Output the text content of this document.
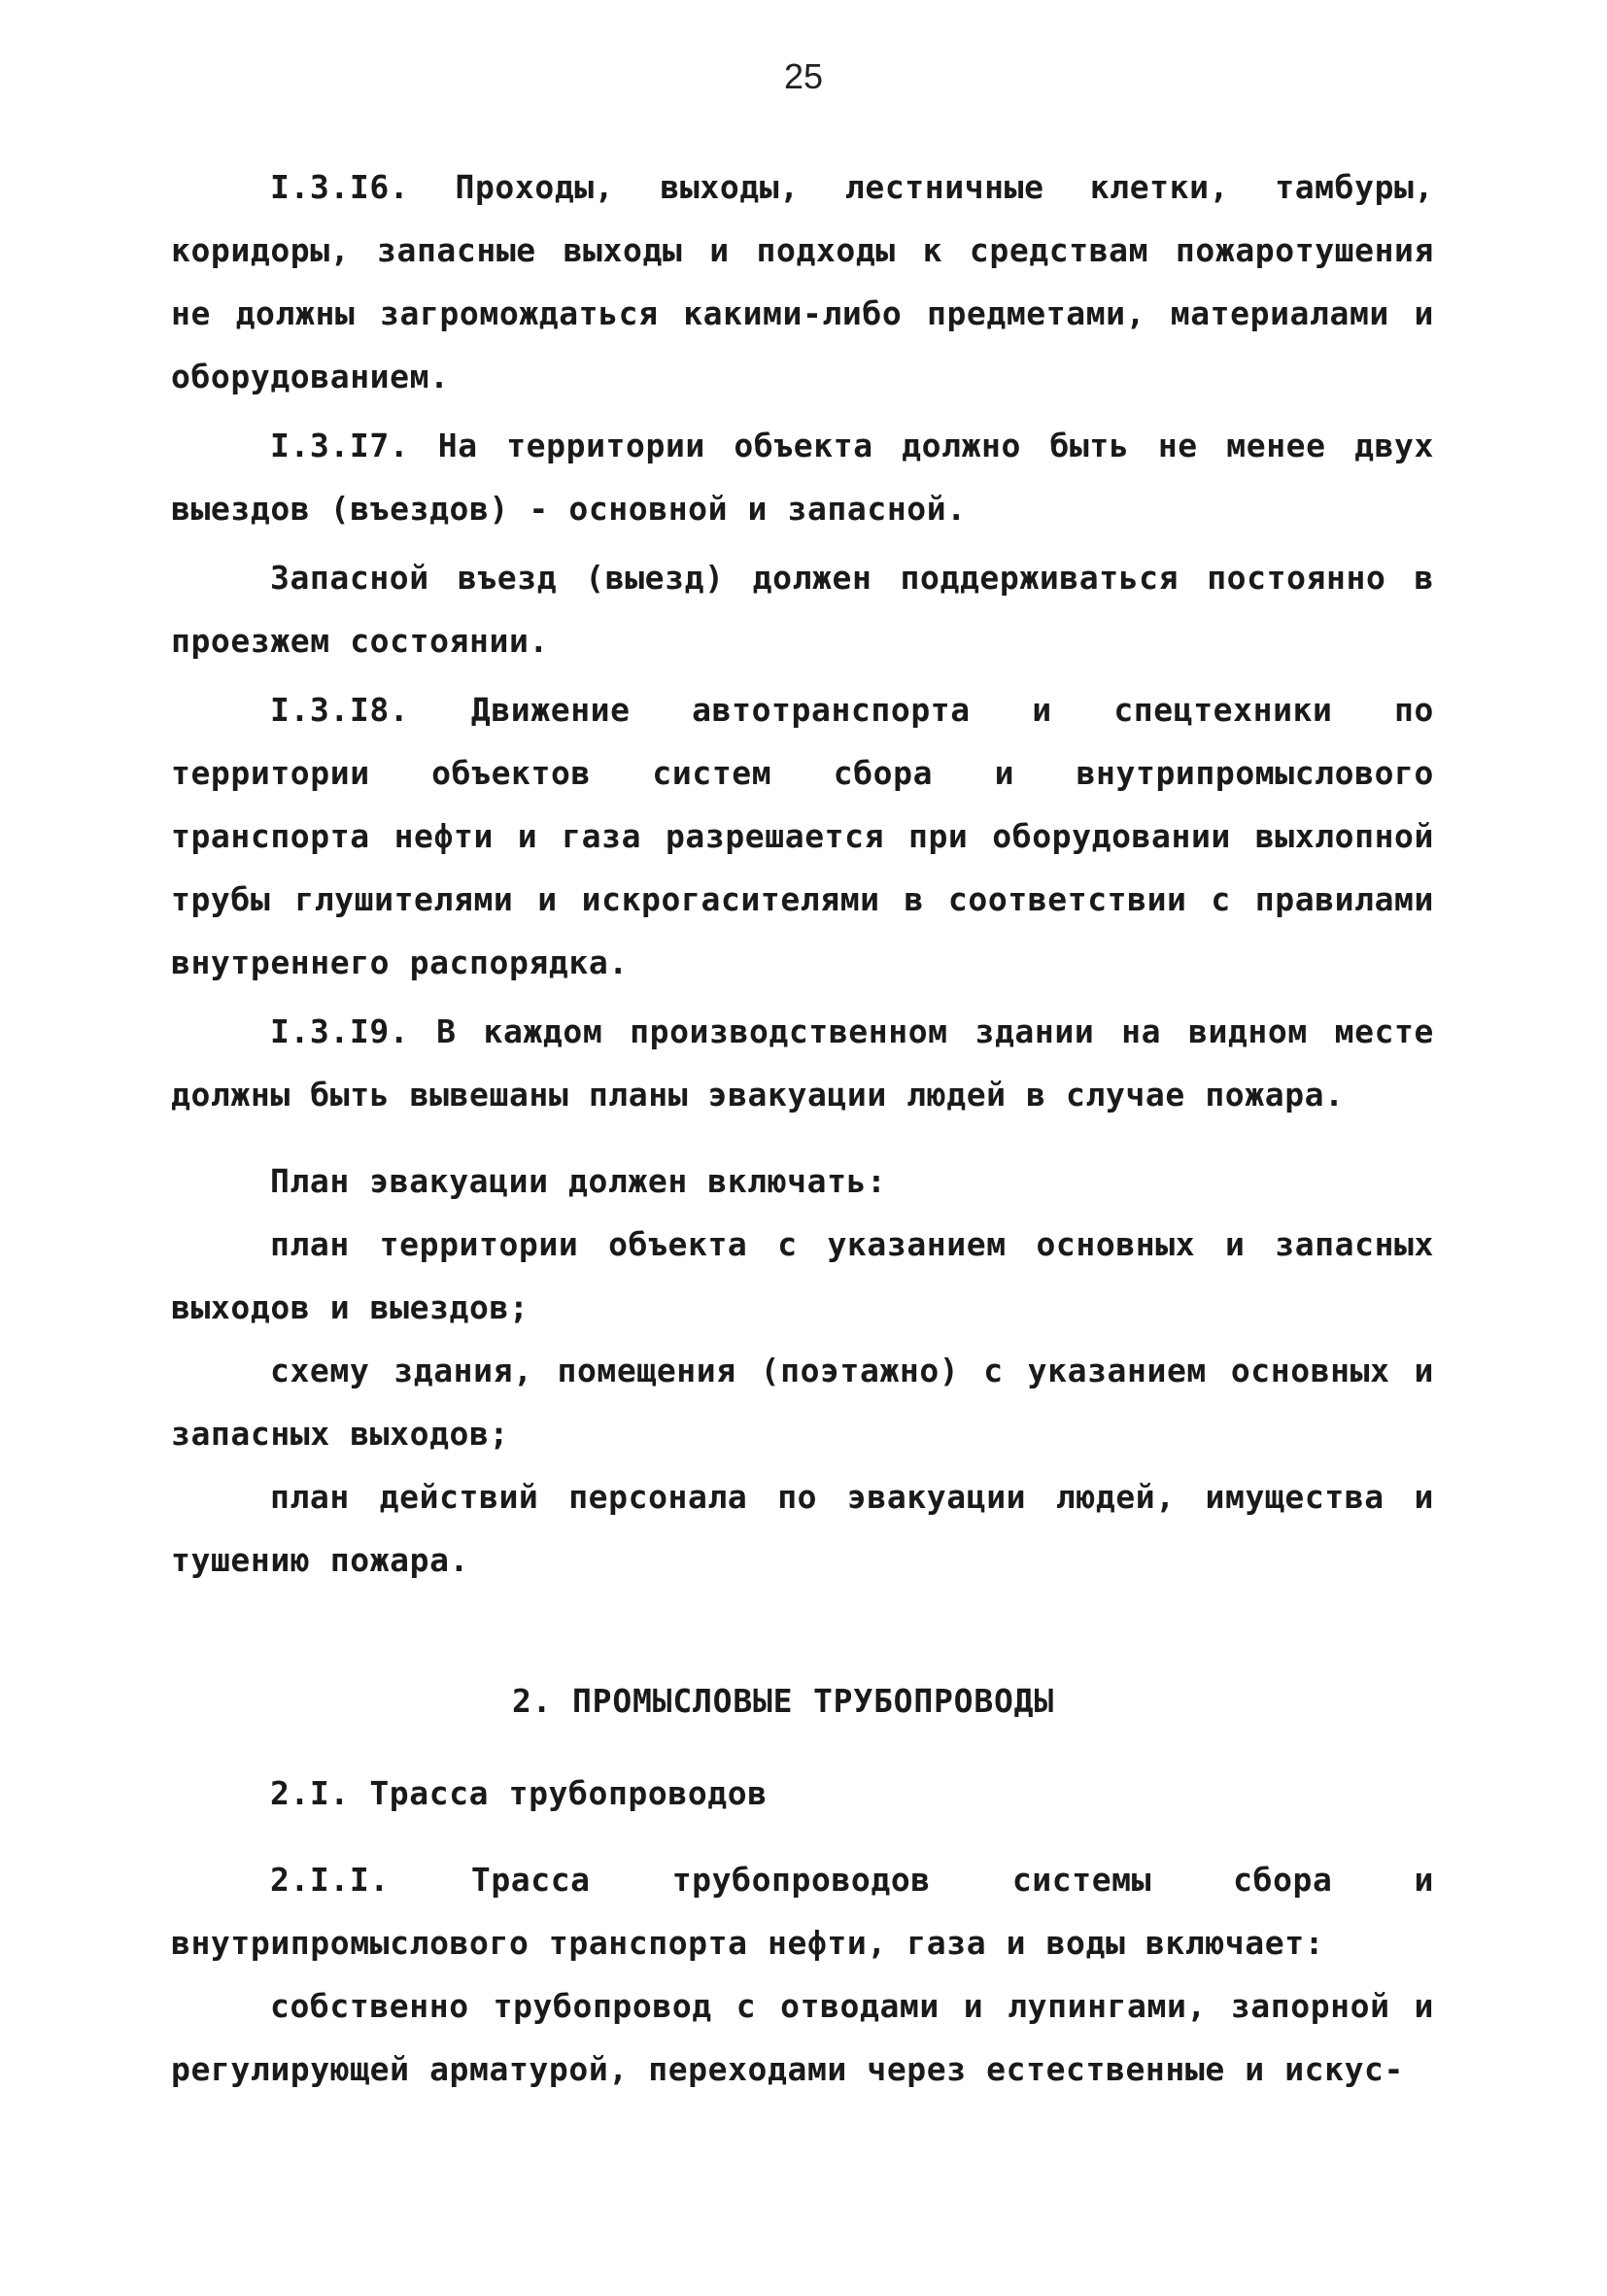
25

I.3.I6. Проходы, выходы, лестничные клетки, тамбуры, коридоры, запасные выходы и подходы к средствам пожаротушения не должны загромождаться какими-либо предметами, материалами и оборудованием.

I.3.I7. На территории объекта должно быть не менее двух выездов (въездов) - основной и запасной.

Запасной въезд (выезд) должен поддерживаться постоянно в проезжем состоянии.

I.3.I8. Движение автотранспорта и спецтехники по территории объектов систем сбора и внутрипромыслового транспорта нефти и газа разрешается при оборудовании выхлопной трубы глушителями и искрогасителями в соответствии с правилами внутреннего распорядка.

I.3.I9. В каждом производственном здании на видном месте должны быть вывешаны планы эвакуации людей в случае пожара.

План эвакуации должен включать:

план территории объекта с указанием основных и запасных выходов и выездов;

схему здания, помещения (поэтажно) с указанием основных и запасных выходов;

план действий персонала по эвакуации людей, имущества и тушению пожара.

2. ПРОМЫСЛОВЫЕ ТРУБОПРОВОДЫ

2.I. Трасса трубопроводов

2.I.I. Трасса трубопроводов системы сбора и внутрипромыслового транспорта нефти, газа и воды включает:

собственно трубопровод с отводами и лупингами, запорной и регулирующей арматурой, переходами через естественные и искус-
